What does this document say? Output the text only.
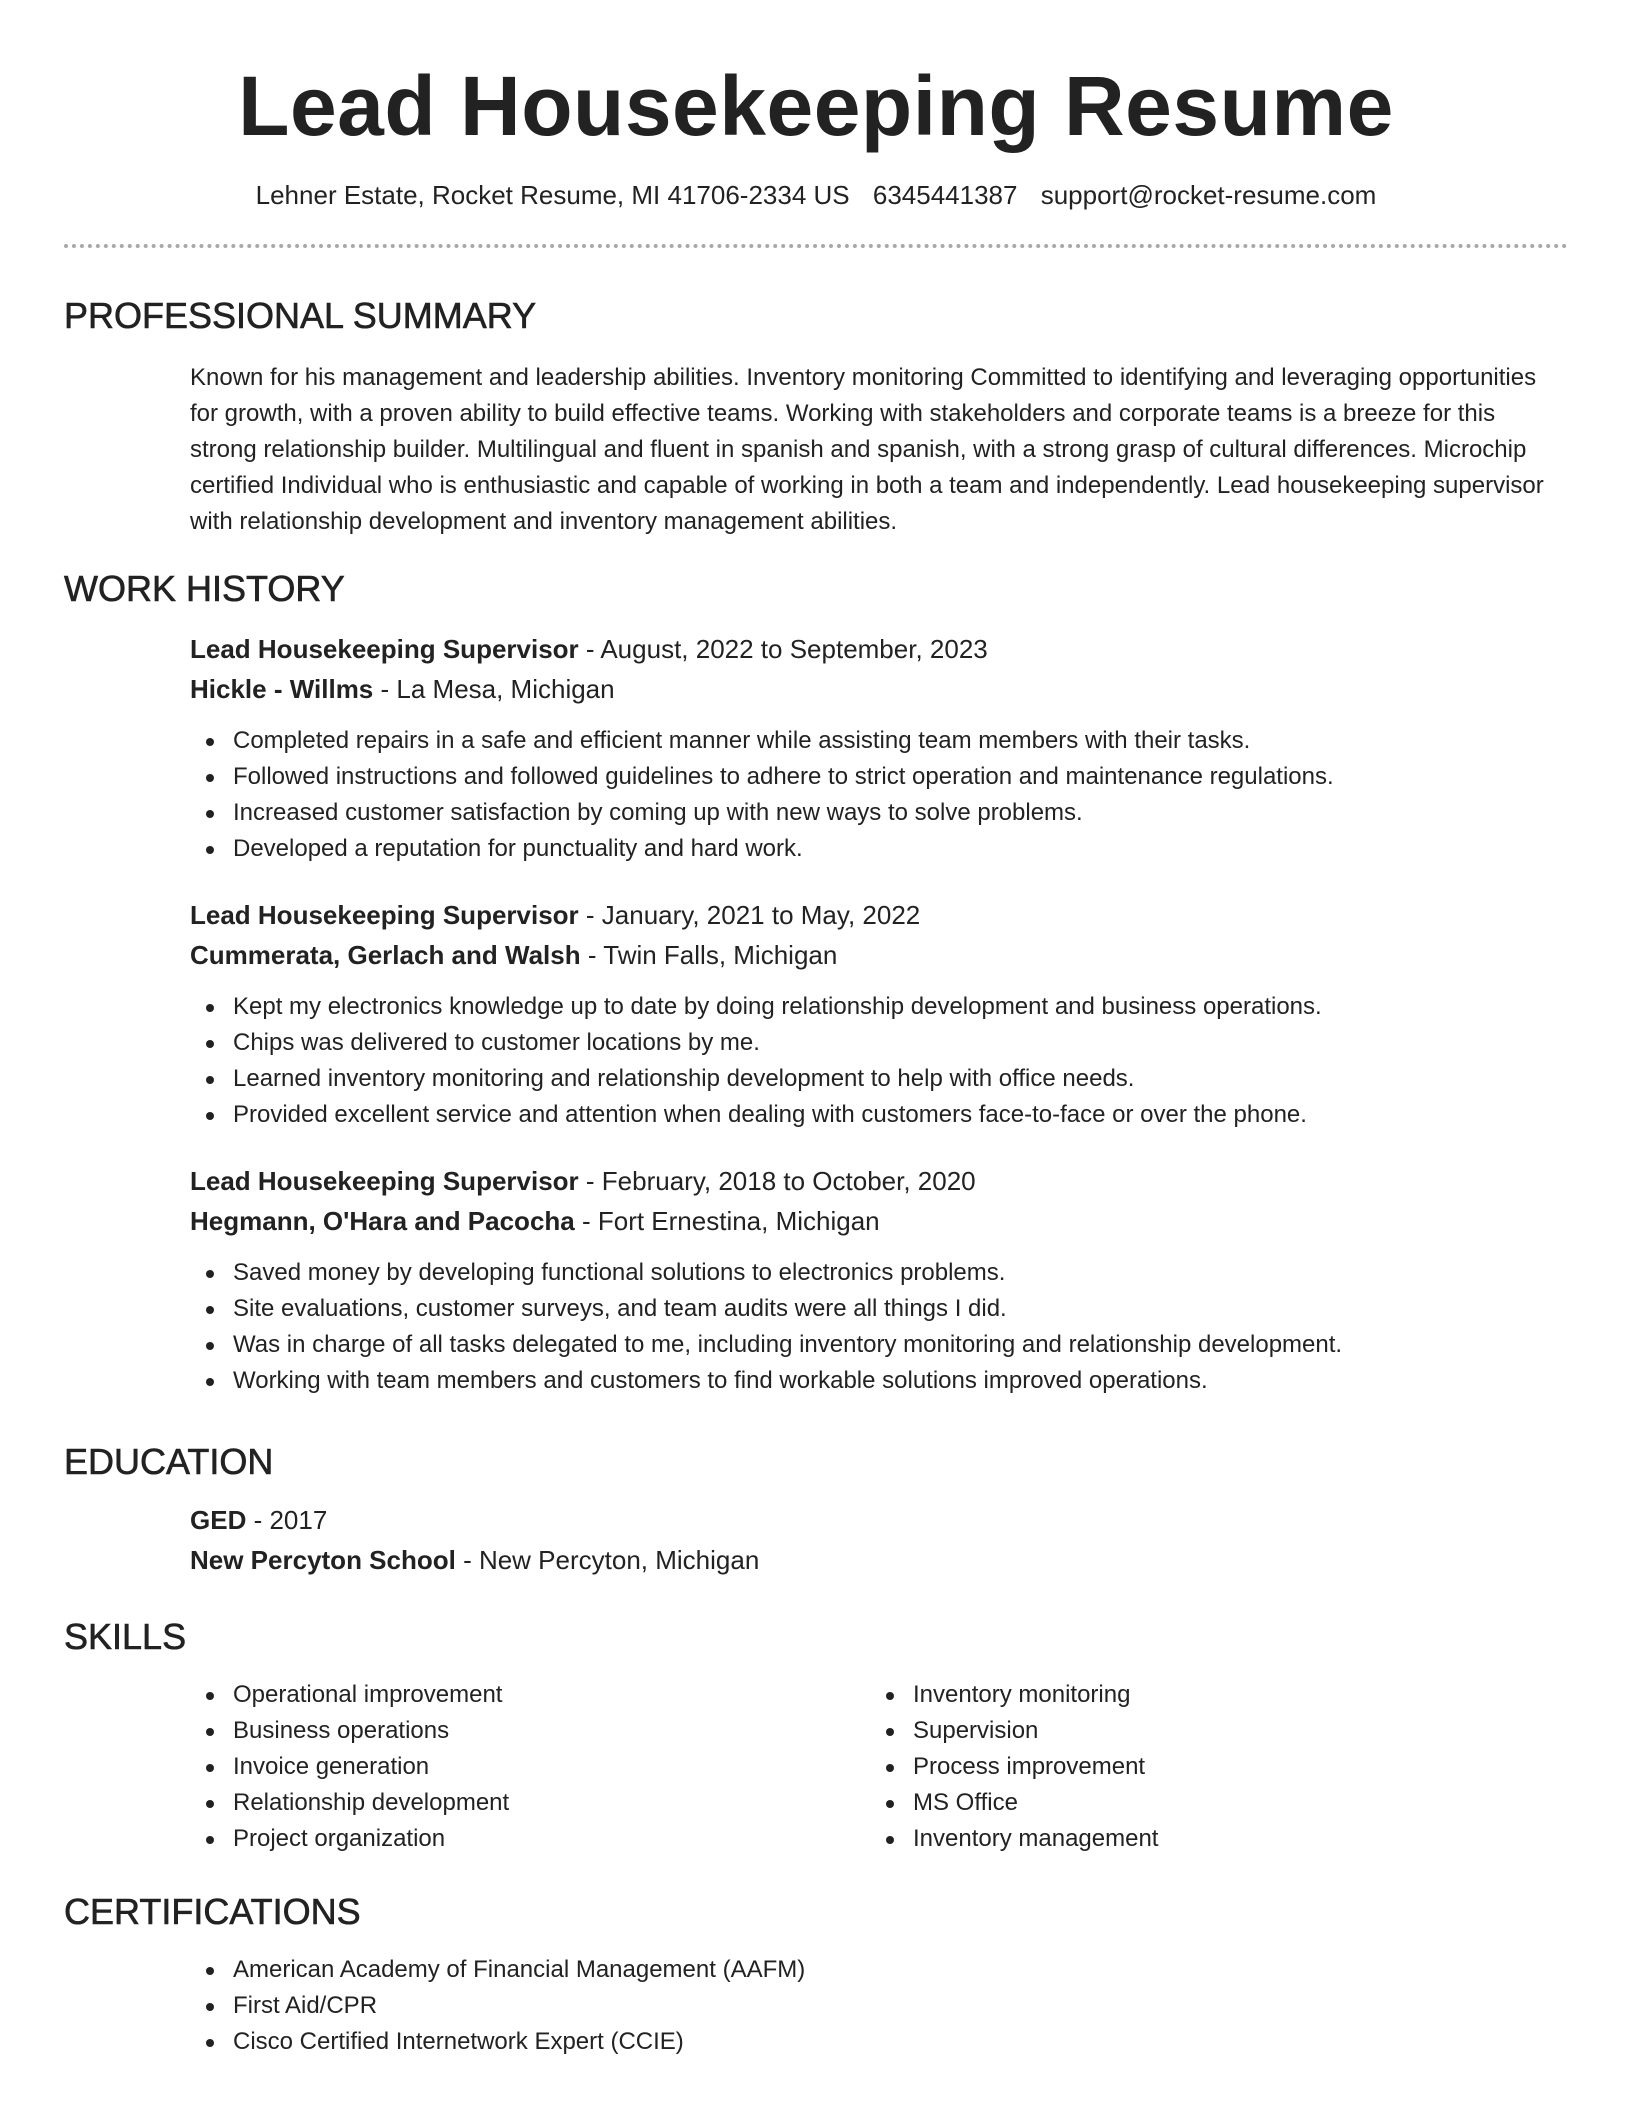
Lead Housekeeping Resume
Lehner Estate, Rocket Resume, MI 41706-2334 US 6345441387 support@rocket-resume.com
PROFESSIONAL SUMMARY
Known for his management and leadership abilities. Inventory monitoring Committed to identifying and leveraging opportunities for growth, with a proven ability to build effective teams. Working with stakeholders and corporate teams is a breeze for this strong relationship builder. Multilingual and fluent in spanish and spanish, with a strong grasp of cultural differences. Microchip certified Individual who is enthusiastic and capable of working in both a team and independently. Lead housekeeping supervisor with relationship development and inventory management abilities.
WORK HISTORY
Lead Housekeeping Supervisor - August, 2022 to September, 2023
Hickle - Willms - La Mesa, Michigan
Completed repairs in a safe and efficient manner while assisting team members with their tasks.
Followed instructions and followed guidelines to adhere to strict operation and maintenance regulations.
Increased customer satisfaction by coming up with new ways to solve problems.
Developed a reputation for punctuality and hard work.
Lead Housekeeping Supervisor - January, 2021 to May, 2022
Cummerata, Gerlach and Walsh - Twin Falls, Michigan
Kept my electronics knowledge up to date by doing relationship development and business operations.
Chips was delivered to customer locations by me.
Learned inventory monitoring and relationship development to help with office needs.
Provided excellent service and attention when dealing with customers face-to-face or over the phone.
Lead Housekeeping Supervisor - February, 2018 to October, 2020
Hegmann, O'Hara and Pacocha - Fort Ernestina, Michigan
Saved money by developing functional solutions to electronics problems.
Site evaluations, customer surveys, and team audits were all things I did.
Was in charge of all tasks delegated to me, including inventory monitoring and relationship development.
Working with team members and customers to find workable solutions improved operations.
EDUCATION
GED - 2017
New Percyton School - New Percyton, Michigan
SKILLS
Operational improvement
Business operations
Invoice generation
Relationship development
Project organization
Inventory monitoring
Supervision
Process improvement
MS Office
Inventory management
CERTIFICATIONS
American Academy of Financial Management (AAFM)
First Aid/CPR
Cisco Certified Internetwork Expert (CCIE)
